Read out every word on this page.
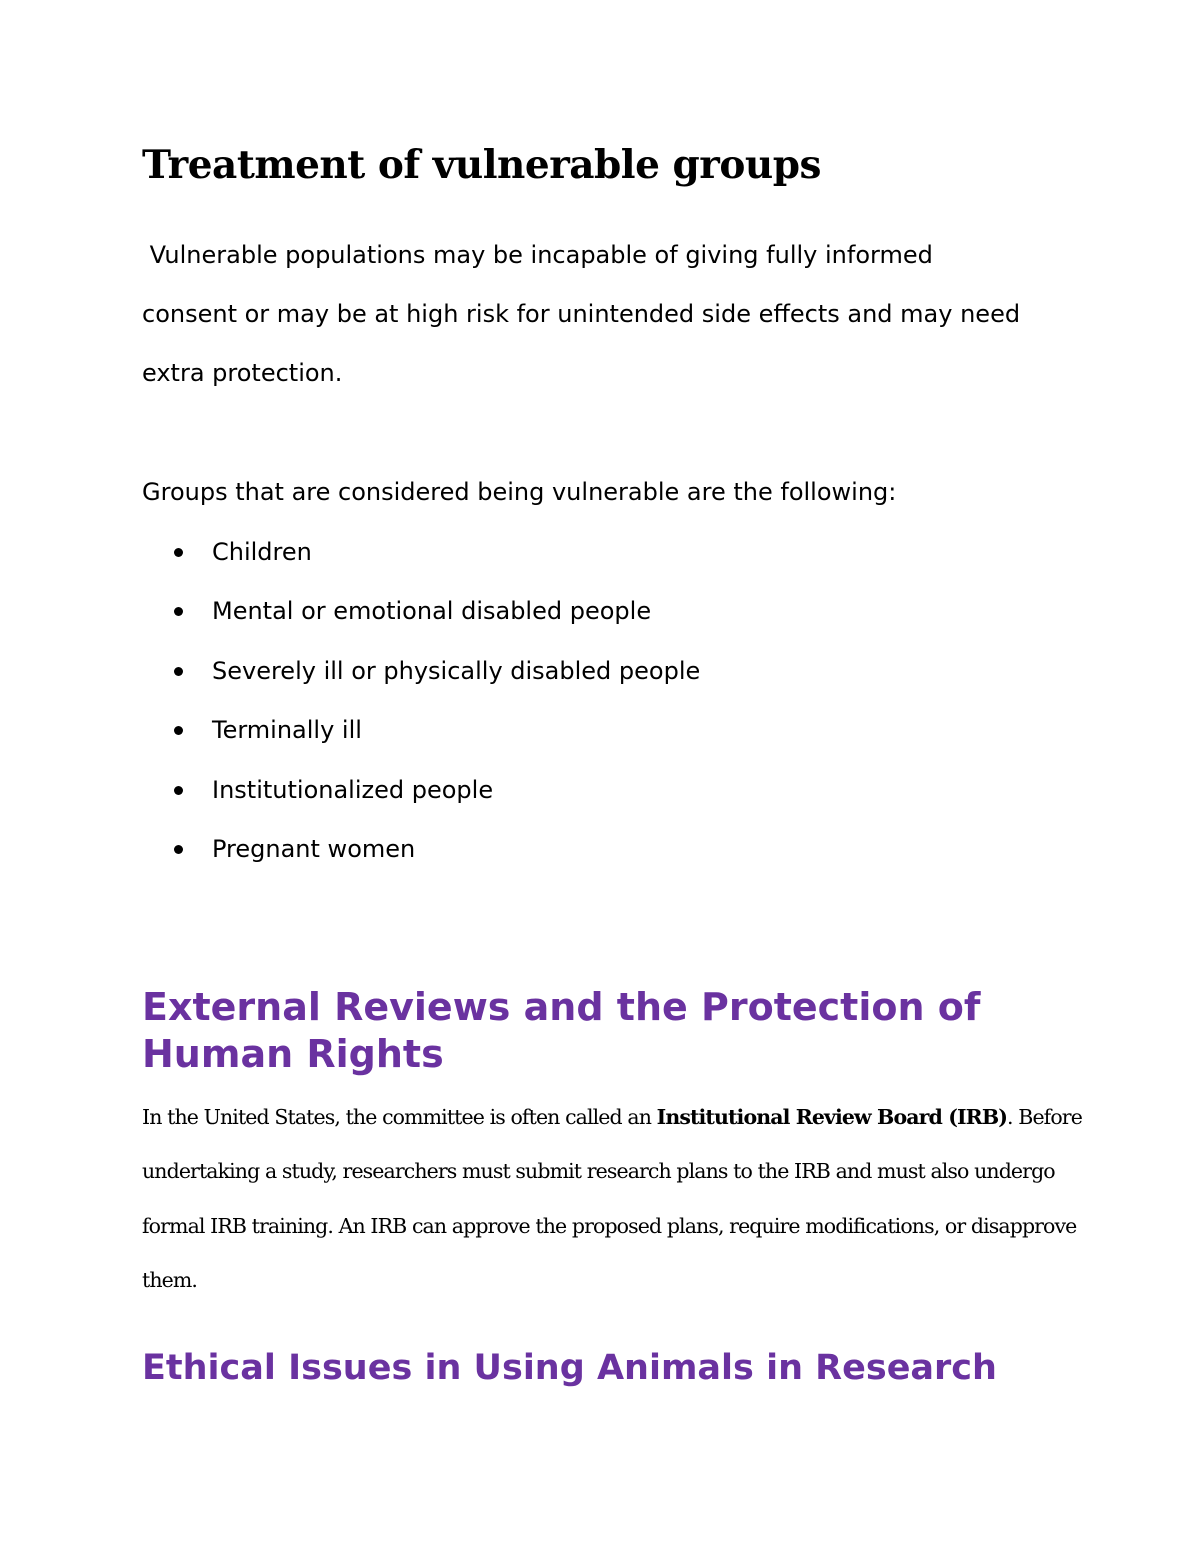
Treatment of vulnerable groups

Vulnerable populations may be incapable of giving fully informed
consent or may be at high risk for unintended side effects and may need extra protection.

Groups that are considered being vulnerable are the following:

Children
Mental or emotional disabled people
Severely ill or physically disabled people
Terminally ill
Institutionalized people
Pregnant women
External Reviews and the Protection of Human Rights

In the United States, the committee is often called an Institutional Review Board (IRB). Before undertaking a study, researchers must submit research plans to the IRB and must also undergo formal IRB training. An IRB can approve the proposed plans, require modifications, or disapprove them.

Ethical Issues in Using Animals in Research
